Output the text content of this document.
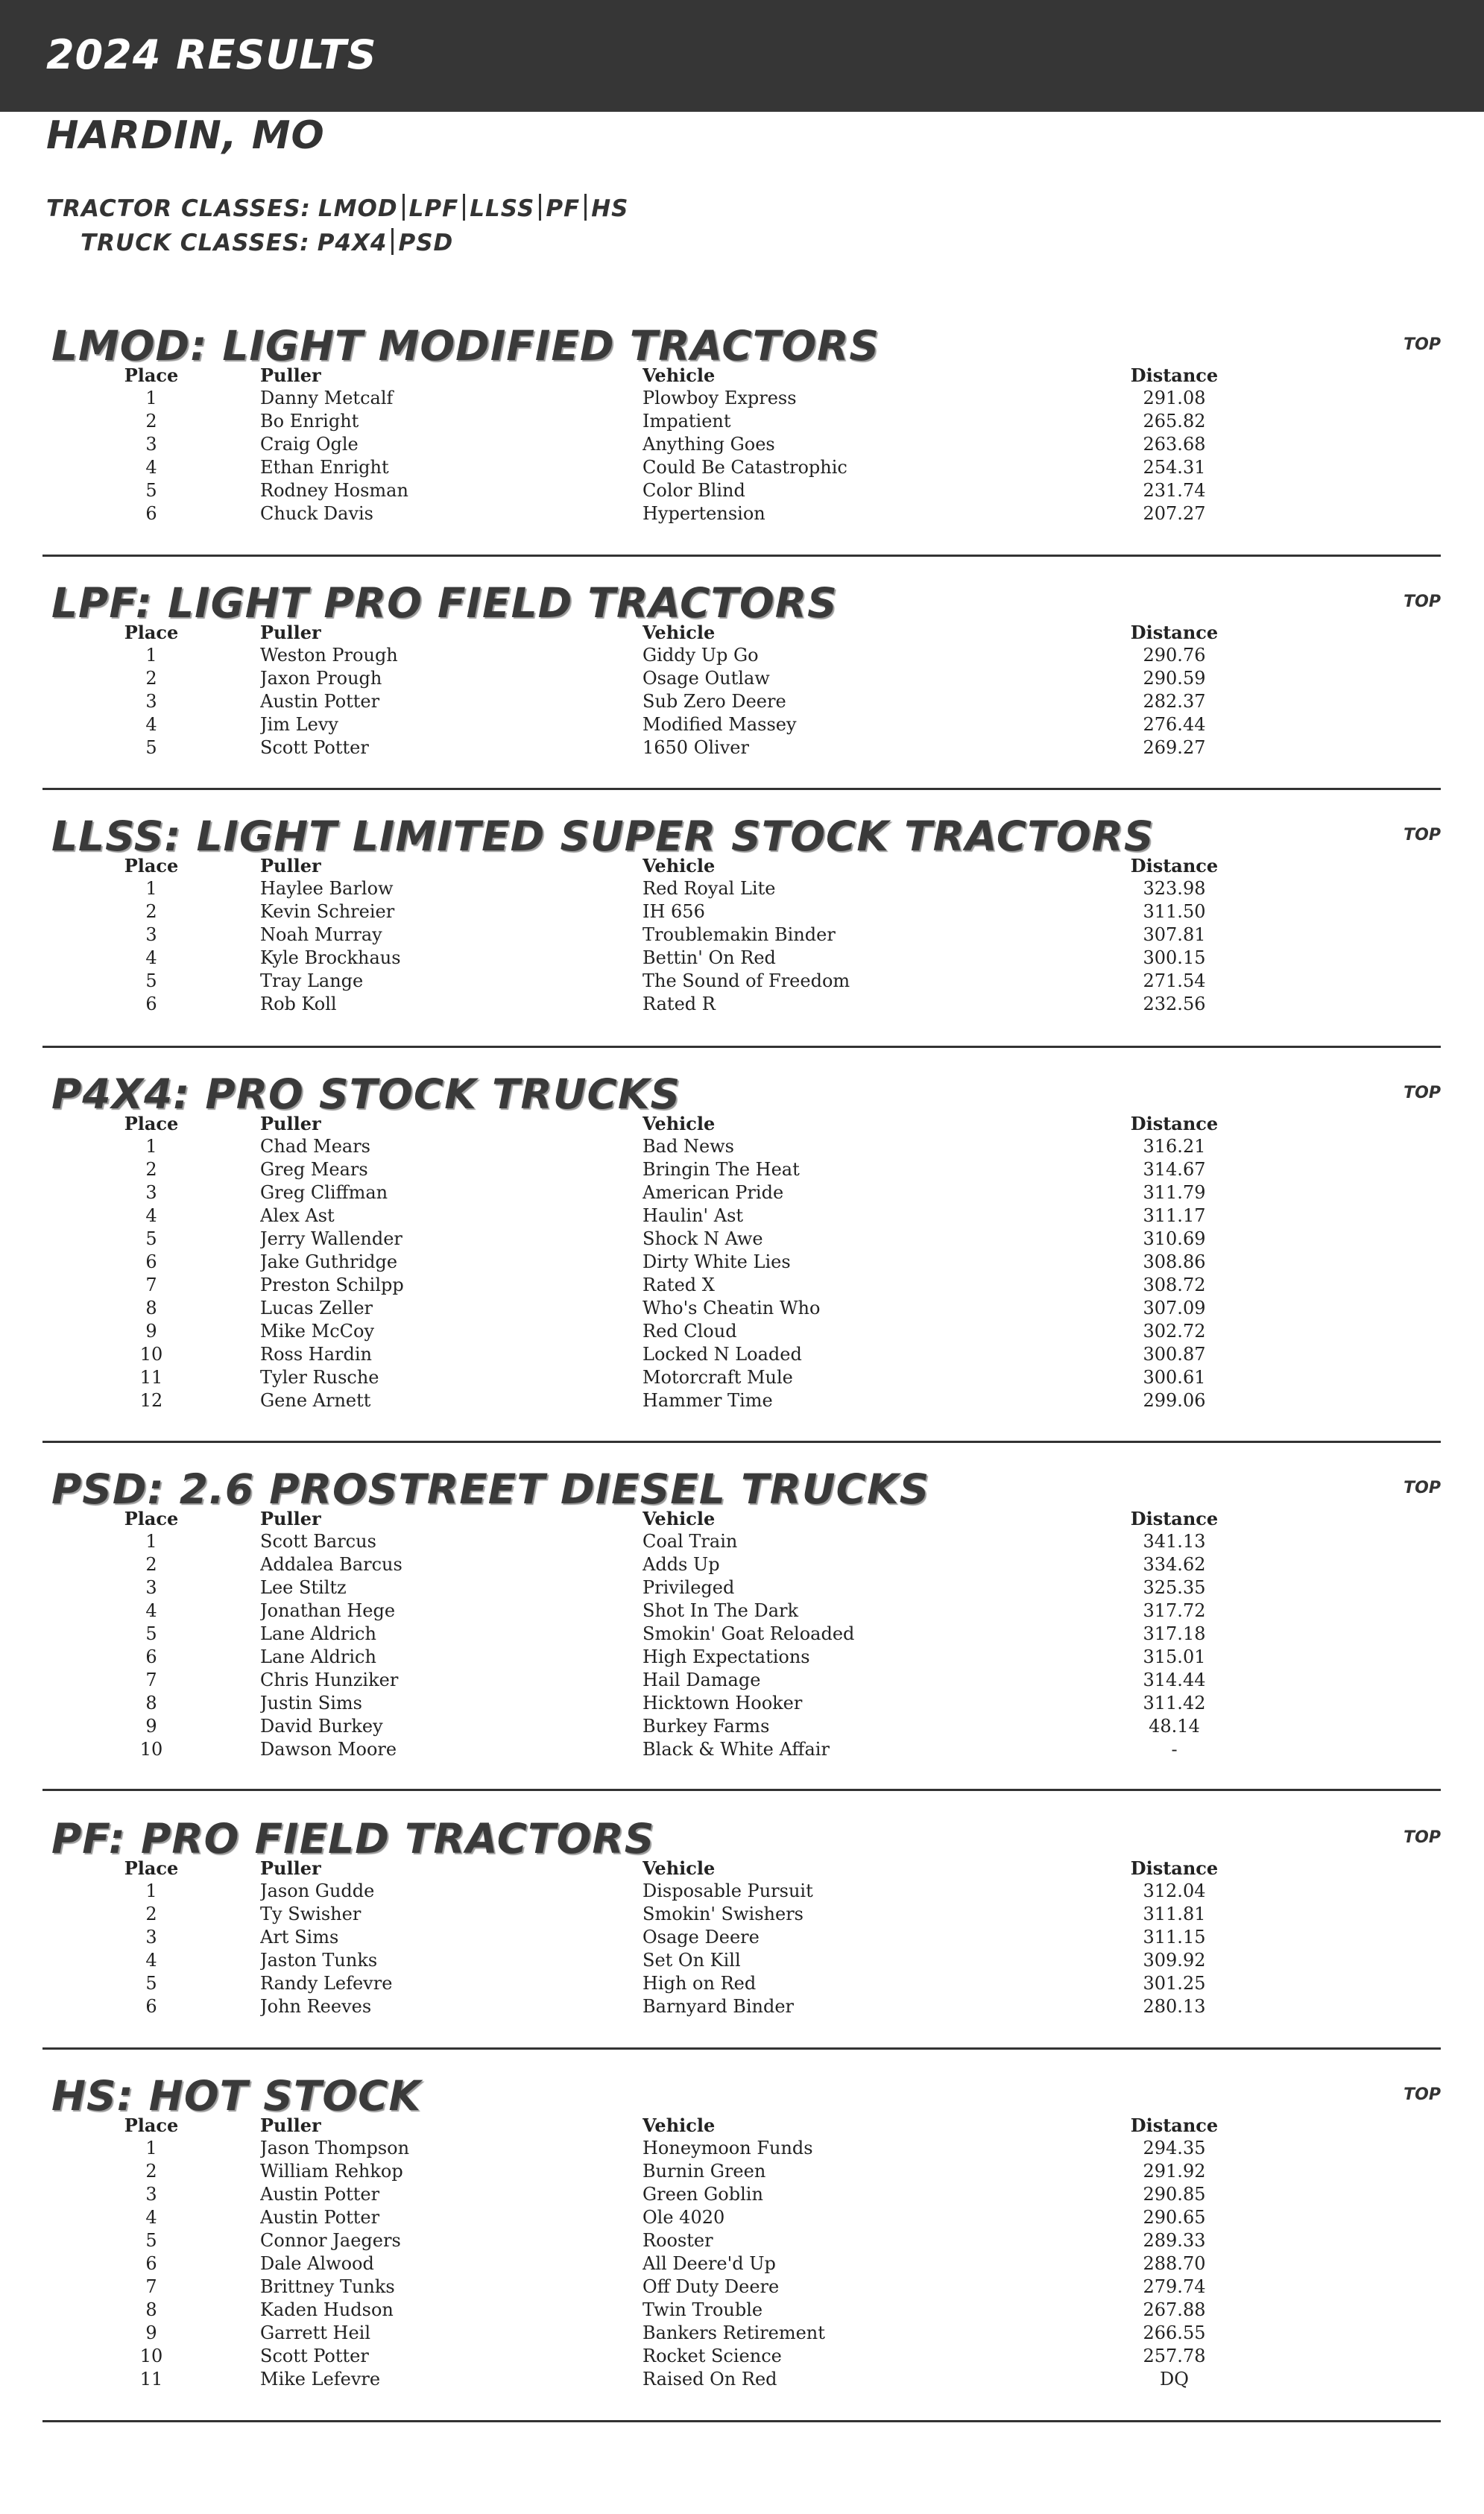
2024 RESULTS
HARDIN, MO
TRACTOR CLASSES: LMOD LPF LLSS PF HS
TRUCK CLASSES: P4X4 PSD
LMOD: LIGHT MODIFIED TRACTORS	TOP
Place	Puller	Vehicle	Distance	
1	Danny Metcalf	Plowboy Express	291.08	
2	Bo Enright	Impatient	265.82	
3	Craig Ogle	Anything Goes	263.68	
4	Ethan Enright	Could Be Catastrophic	254.31	
5	Rodney Hosman	Color Blind	231.74	
6	Chuck Davis	Hypertension	207.27	
LPF: LIGHT PRO FIELD TRACTORS	TOP
Place	Puller	Vehicle	Distance	
1	Weston Prough	Giddy Up Go	290.76	
2	Jaxon Prough	Osage Outlaw	290.59	
3	Austin Potter	Sub Zero Deere	282.37	
4	Jim Levy	Modified Massey	276.44	
5	Scott Potter	1650 Oliver	269.27	
LLSS: LIGHT LIMITED SUPER STOCK TRACTORS	TOP
Place	Puller	Vehicle	Distance	
1	Haylee Barlow	Red Royal Lite	323.98	
2	Kevin Schreier	IH 656	311.50	
3	Noah Murray	Troublemakin Binder	307.81	
4	Kyle Brockhaus	Bettin' On Red	300.15	
5	Tray Lange	The Sound of Freedom	271.54	
6	Rob Koll	Rated R	232.56	
P4X4: PRO STOCK TRUCKS	TOP
Place	Puller	Vehicle	Distance	
1	Chad Mears	Bad News	316.21	
2	Greg Mears	Bringin The Heat	314.67	
3	Greg Cliffman	American Pride	311.79	
4	Alex Ast	Haulin' Ast	311.17	
5	Jerry Wallender	Shock N Awe	310.69	
6	Jake Guthridge	Dirty White Lies	308.86	
7	Preston Schilpp	Rated X	308.72	
8	Lucas Zeller	Who's Cheatin Who	307.09	
9	Mike McCoy	Red Cloud	302.72	
10	Ross Hardin	Locked N Loaded	300.87	
11	Tyler Rusche	Motorcraft Mule	300.61	
12	Gene Arnett	Hammer Time	299.06	
PSD: 2.6 PROSTREET DIESEL TRUCKS	TOP
Place	Puller	Vehicle	Distance	
1	Scott Barcus	Coal Train	341.13	
2	Addalea Barcus	Adds Up	334.62	
3	Lee Stiltz	Privileged	325.35	
4	Jonathan Hege	Shot In The Dark	317.72	
5	Lane Aldrich	Smokin' Goat Reloaded	317.18	
6	Lane Aldrich	High Expectations	315.01	
7	Chris Hunziker	Hail Damage	314.44	
8	Justin Sims	Hicktown Hooker	311.42	
9	David Burkey	Burkey Farms	48.14	
10	Dawson Moore	Black & White Affair	-	
PF: PRO FIELD TRACTORS	TOP
Place	Puller	Vehicle	Distance	
1	Jason Gudde	Disposable Pursuit	312.04	
2	Ty Swisher	Smokin' Swishers	311.81	
3	Art Sims	Osage Deere	311.15	
4	Jaston Tunks	Set On Kill	309.92	
5	Randy Lefevre	High on Red	301.25	
6	John Reeves	Barnyard Binder	280.13	
HS: HOT STOCK	TOP
Place	Puller	Vehicle	Distance	
1	Jason Thompson	Honeymoon Funds	294.35	
2	William Rehkop	Burnin Green	291.92	
3	Austin Potter	Green Goblin	290.85	
4	Austin Potter	Ole 4020	290.65	
5	Connor Jaegers	Rooster	289.33	
6	Dale Alwood	All Deere'd Up	288.70	
7	Brittney Tunks	Off Duty Deere	279.74	
8	Kaden Hudson	Twin Trouble	267.88	
9	Garrett Heil	Bankers Retirement	266.55	
10	Scott Potter	Rocket Science	257.78	
11	Mike Lefevre	Raised On Red	DQ	
